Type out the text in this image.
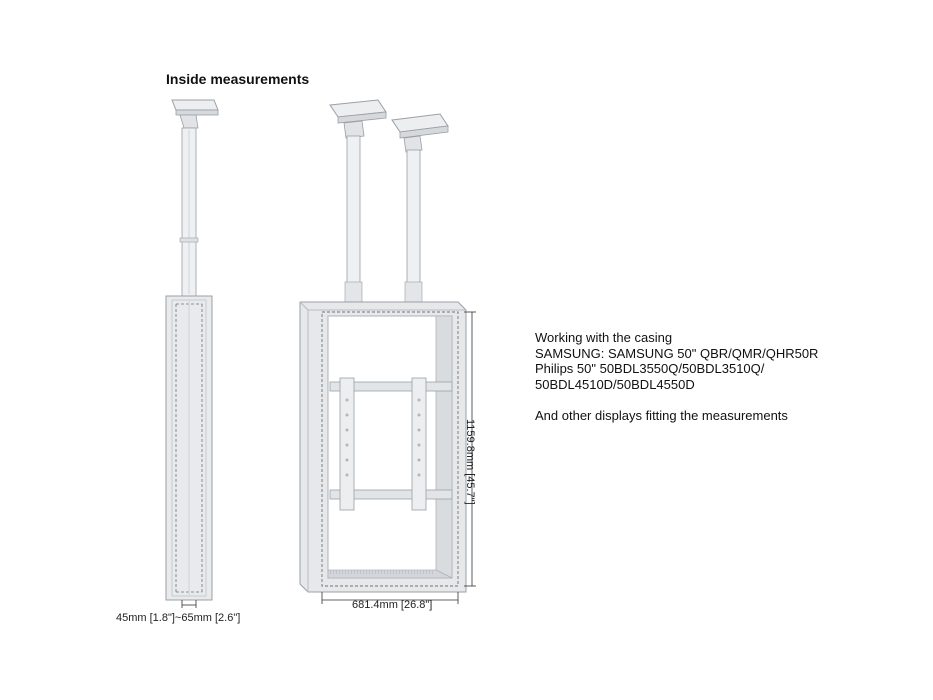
Inside measurements
45mm [1.8"]~65mm [2.6"]
681.4mm [26.8"]
1159.8mm [45.7"]
Working with the casing
SAMSUNG: SAMSUNG 50" QBR/QMR/QHR50R
Philips 50" 50BDL3550Q/50BDL3510Q/
50BDL4510D/50BDL4550D
And other displays fitting the measurements
